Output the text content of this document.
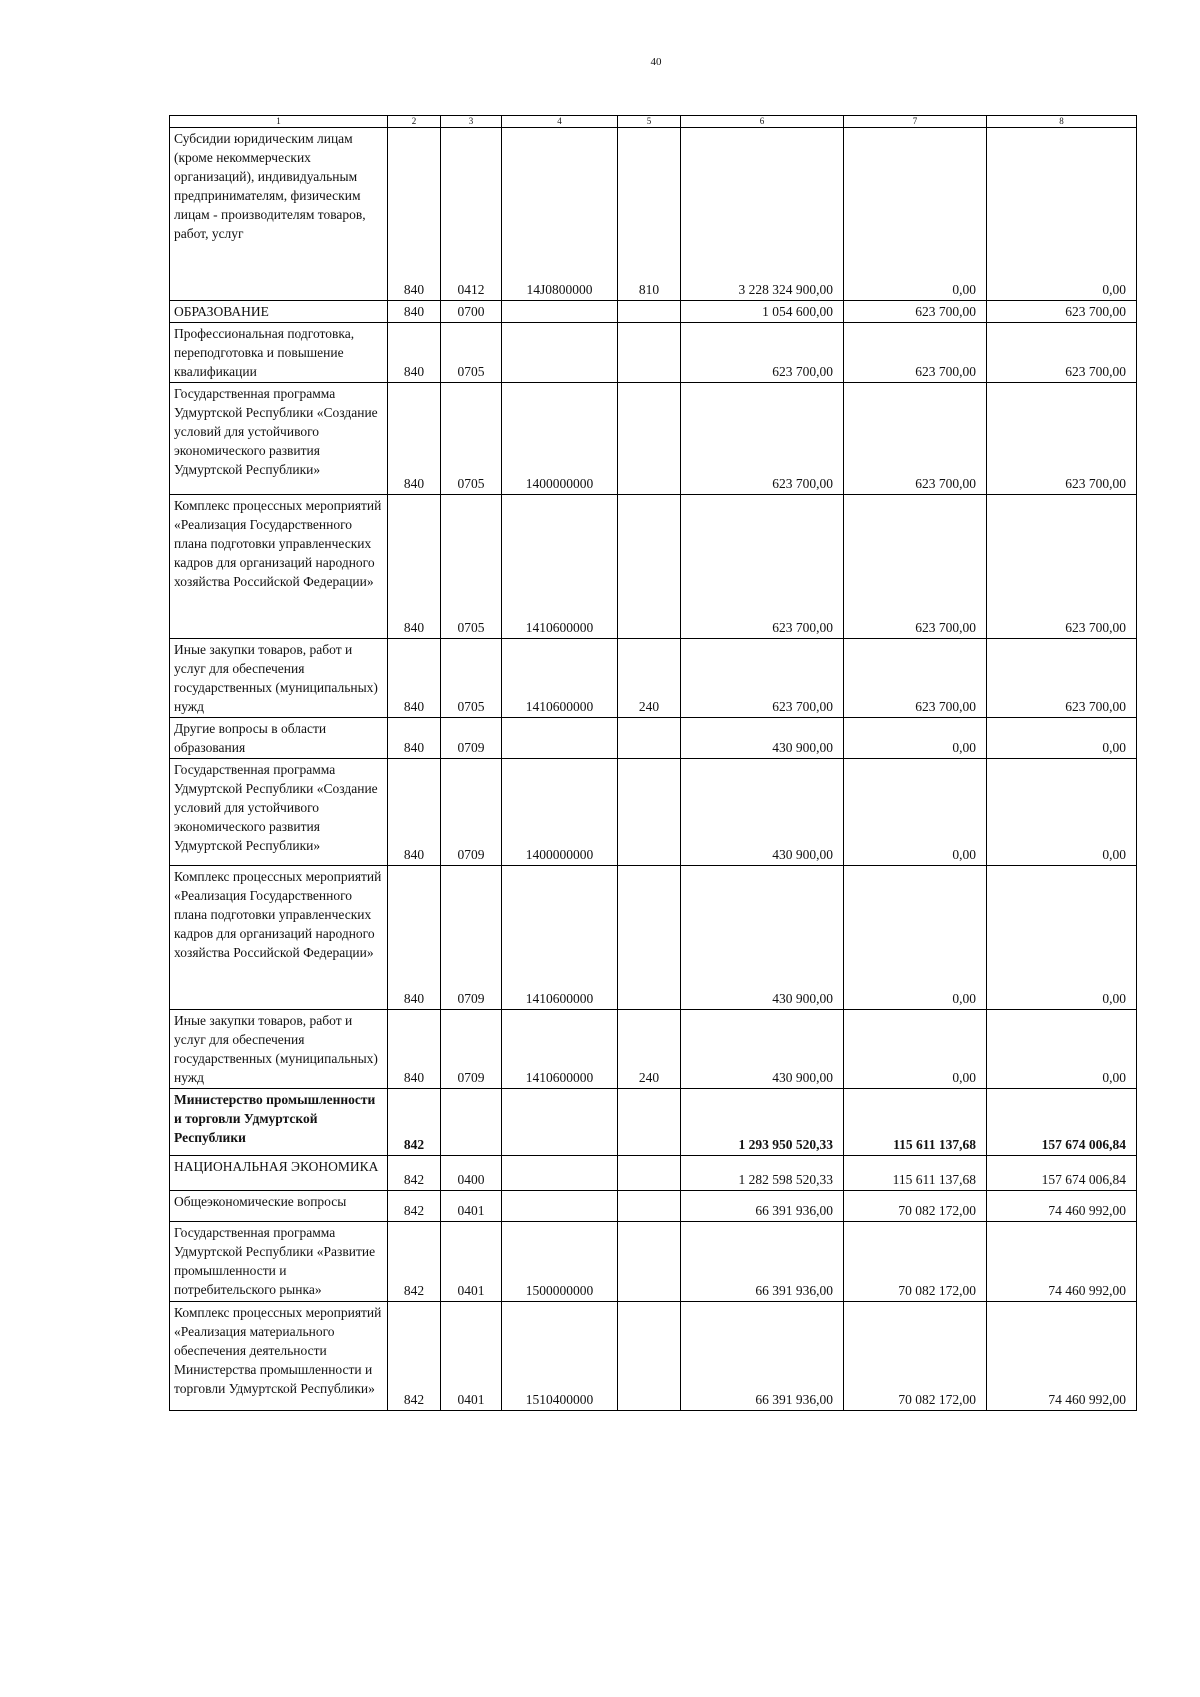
40
1	2	3	4	5	6	7	8
Субсидии юридическим лицам (кроме некоммерческих организаций), индивидуальным предпринимателям, физическим лицам - производителям товаров, работ, услуг	840	0412	14J0800000	810	3 228 324 900,00	0,00	0,00
ОБРАЗОВАНИЕ	840	0700			1 054 600,00	623 700,00	623 700,00
Профессиональная подготовка, переподготовка и повышение квалификации	840	0705			623 700,00	623 700,00	623 700,00
Государственная программа Удмуртской Республики «Создание условий для устойчивого экономического развития Удмуртской Республики»	840	0705	1400000000		623 700,00	623 700,00	623 700,00
Комплекс процессных мероприятий «Реализация Государственного плана подготовки управленческих кадров для организаций народного хозяйства Российской Федерации»	840	0705	1410600000		623 700,00	623 700,00	623 700,00
Иные закупки товаров, работ и услуг для обеспечения государственных (муниципальных) нужд	840	0705	1410600000	240	623 700,00	623 700,00	623 700,00
Другие вопросы в области образования	840	0709			430 900,00	0,00	0,00
Государственная программа Удмуртской Республики «Создание условий для устойчивого экономического развития Удмуртской Республики»	840	0709	1400000000		430 900,00	0,00	0,00
Комплекс процессных мероприятий «Реализация Государственного плана подготовки управленческих кадров для организаций народного хозяйства Российской Федерации»	840	0709	1410600000		430 900,00	0,00	0,00
Иные закупки товаров, работ и услуг для обеспечения государственных (муниципальных) нужд	840	0709	1410600000	240	430 900,00	0,00	0,00
Министерство промышленности и торговли Удмуртской Республики	842				1 293 950 520,33	115 611 137,68	157 674 006,84
НАЦИОНАЛЬНАЯ ЭКОНОМИКА	842	0400			1 282 598 520,33	115 611 137,68	157 674 006,84
Общеэкономические вопросы	842	0401			66 391 936,00	70 082 172,00	74 460 992,00
Государственная программа Удмуртской Республики «Развитие промышленности и потребительского рынка»	842	0401	1500000000		66 391 936,00	70 082 172,00	74 460 992,00
Комплекс процессных мероприятий «Реализация материального обеспечения деятельности Министерства промышленности и торговли Удмуртской Республики»	842	0401	1510400000		66 391 936,00	70 082 172,00	74 460 992,00
